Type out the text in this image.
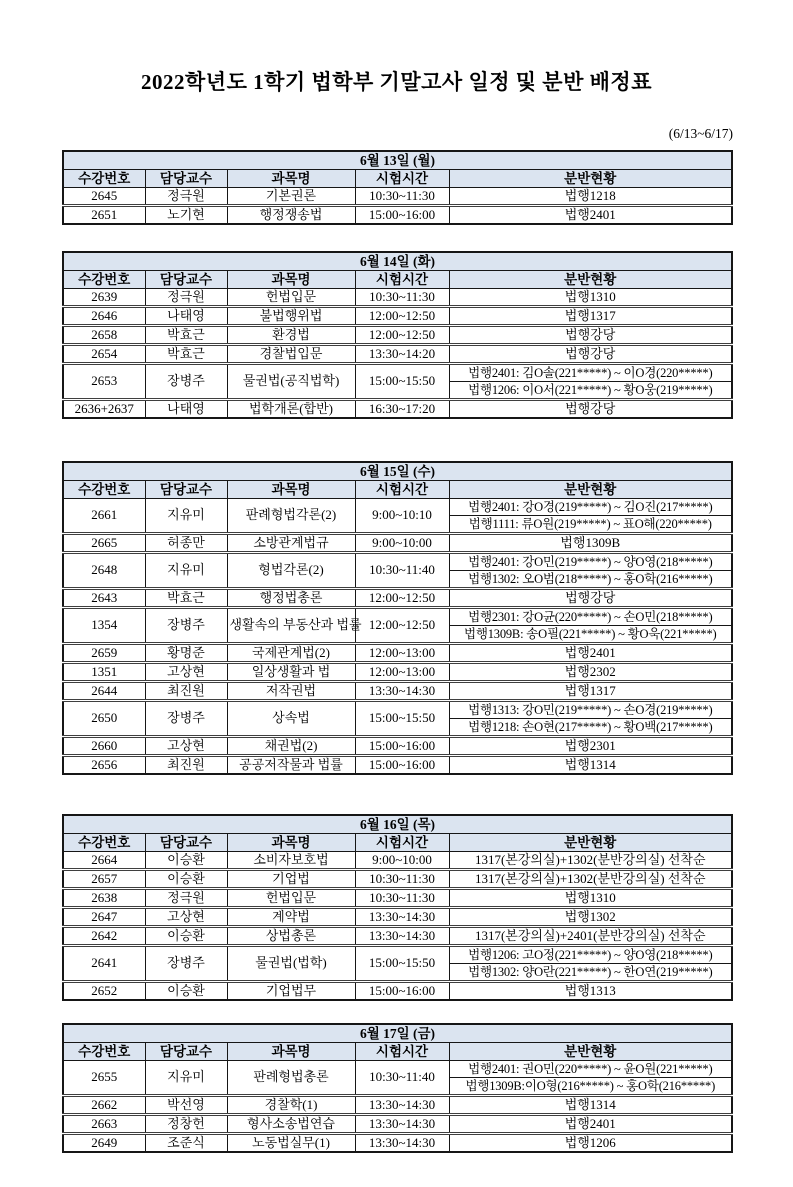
2022학년도 1학기 법학부 기말고사 일정 및 분반 배정표
(6/13~6/17)
6월 13일 (월)				
수강번호	담당교수	과목명	시험시간	분반현황
2645	정극원	기본권론	10:30~11:30	법행1218
2651	노기현	행정쟁송법	15:00~16:00	법행2401
6월 14일 (화)				
수강번호	담당교수	과목명	시험시간	분반현황
2639	정극원	헌법입문	10:30~11:30	법행1310
2646	나태영	불법행위법	12:00~12:50	법행1317
2658	박효근	환경법	12:00~12:50	법행강당
2654	박효근	경찰법입문	13:30~14:20	법행강당
2653	장병주	물권법(공직법학)	15:00~15:50	법행2401: 김O솔(221*****) ~ 이O경(220*****)
				법행1206: 이O서(221*****) ~ 황O웅(219*****)
2636+2637	나태영	법학개론(합반)	16:30~17:20	법행강당
6월 15일 (수)				
수강번호	담당교수	과목명	시험시간	분반현황
2661	지유미	판례형법각론(2)	9:00~10:10	법행2401: 강O경(219*****) ~ 김O진(217*****)
				법행1111: 류O원(219*****) ~ 표O해(220*****)
2665	허종만	소방관계법규	9:00~10:00	법행1309B
2648	지유미	형법각론(2)	10:30~11:40	법행2401: 강O민(219*****) ~ 양O영(218*****)
				법행1302: 오O범(218*****) ~ 홍O학(216*****)
2643	박효근	행정법총론	12:00~12:50	법행강당
1354	장병주	생활속의 부동산과 법률	12:00~12:50	법행2301: 강O균(220*****) ~ 손O민(218*****)
				법행1309B: 송O필(221*****) ~ 황O욱(221*****)
2659	황명준	국제관계법(2)	12:00~13:00	법행2401
1351	고상현	일상생활과 법	12:00~13:00	법행2302
2644	최진원	저작권법	13:30~14:30	법행1317
2650	장병주	상속법	15:00~15:50	법행1313: 강O민(219*****) ~ 손O경(219*****)
				법행1218: 손O현(217*****) ~ 황O백(217*****)
2660	고상현	채권법(2)	15:00~16:00	법행2301
2656	최진원	공공저작물과 법률	15:00~16:00	법행1314
6월 16일 (목)				
수강번호	담당교수	과목명	시험시간	분반현황
2664	이승환	소비자보호법	9:00~10:00	1317(본강의실)+1302(분반강의실) 선착순
2657	이승환	기업법	10:30~11:30	1317(본강의실)+1302(분반강의실) 선착순
2638	정극원	헌법입문	10:30~11:30	법행1310
2647	고상현	계약법	13:30~14:30	법행1302
2642	이승환	상법총론	13:30~14:30	1317(본강의실)+2401(분반강의실) 선착순
2641	장병주	물권법(법학)	15:00~15:50	법행1206: 고O정(221*****) ~ 양O영(218*****)
				법행1302: 양O란(221*****) ~ 한O연(219*****)
2652	이승환	기업법무	15:00~16:00	법행1313
6월 17일 (금)				
수강번호	담당교수	과목명	시험시간	분반현황
2655	지유미	판례형법총론	10:30~11:40	법행2401: 권O민(220*****) ~ 윤O원(221*****)
				법행1309B:이O형(216*****) ~ 홍O학(216*****)
2662	박선영	경찰학(1)	13:30~14:30	법행1314
2663	정창헌	형사소송법연습	13:30~14:30	법행2401
2649	조준식	노동법실무(1)	13:30~14:30	법행1206
